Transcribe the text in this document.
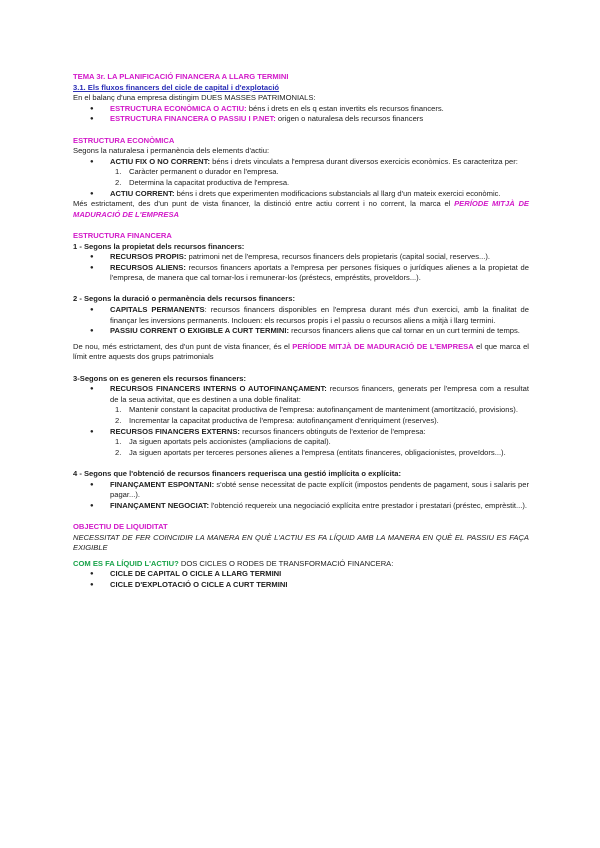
TEMA 3r. LA PLANIFICACIÓ FINANCERA A LLARG TERMINI

3.1. Els fluxos financers del cicle de capital i d'explotació

En el balanç d'una empresa distingim DUES MASSES PATRIMONIALS:

● ESTRUCTURA ECONÒMICA O ACTIU: béns i drets en els q estan invertits els recursos financers.
● ESTRUCTURA FINANCERA O PASSIU I P.NET: origen o naturalesa dels recursos financers

ESTRUCTURA ECONÒMICA

Segons la naturalesa i permanència dels elements d'actiu:

● ACTIU FIX O NO CORRENT: béns i drets vinculats a l'empresa durant diversos exercicis econòmics. Es caracteritza per:
1. Caràcter permanent o durador en l'empresa.
2. Determina la capacitat productiva de l'empresa.
● ACTIU CORRENT: béns i drets que experimenten modificacions substancials al llarg d'un mateix exercici econòmic.

Més estrictament, des d'un punt de vista financer, la distinció entre actiu corrent i no corrent, la marca el PERÍODE MITJÀ DE MADURACIÓ DE L'EMPRESA

ESTRUCTURA FINANCERA

1 - Segons la propietat dels recursos financers:

● RECURSOS PROPIS: patrimoni net de l'empresa, recursos financers dels propietaris (capital social, reserves...).
● RECURSOS ALIENS: recursos financers aportats a l'empresa per persones físiques o jurídiques alienes a la propietat de l'empresa, de manera que cal tornar-los i remunerar-los (préstecs, empréstits, proveïdors...).

2 - Segons la duració o permanència dels recursos financers:

● CAPITALS PERMANENTS: recursos financers disponibles en l'empresa durant més d'un exercici, amb la finalitat de finançar les inversions permanents. Inclouen: els recursos propis i el passiu o recursos aliens a mitjà i llarg termini.
● PASSIU CORRENT O EXIGIBLE A CURT TERMINI: recursos financers aliens que cal tornar en un curt termini de temps.

De nou, més estrictament, des d'un punt de vista financer, és el PERÍODE MITJÀ DE MADURACIÓ DE L'EMPRESA el que marca el límit entre aquests dos grups patrimonials

3-Segons on es generen els recursos financers:

● RECURSOS FINANCERS INTERNS O AUTOFINANÇAMENT: recursos financers, generats per l'empresa com a resultat de la seua activitat, que es destinen a una doble finalitat:
1. Mantenir constant la capacitat productiva de l'empresa: autofinançament de manteniment (amortització, provisions).
2. Incrementar la capacitat productiva de l'empresa: autofinançament d'enriquiment (reserves).
● RECURSOS FINANCERS EXTERNS: recursos financers obtinguts de l'exterior de l'empresa:
1. Ja siguen aportats pels accionistes (ampliacions de capital).
2. Ja siguen aportats per terceres persones alienes a l'empresa (entitats financeres, obligacionistes, proveïdors...).

4 - Segons que l'obtenció de recursos financers requerisca una gestió implícita o explícita:

● FINANÇAMENT ESPONTANI: s'obté sense necessitat de pacte explícit (impostos pendents de pagament, sous i salaris per pagar...).
● FINANÇAMENT NEGOCIAT: l'obtenció requereix una negociació explícita entre prestador i prestatari (préstec, emprèstit...).

OBJECTIU DE LIQUIDITAT

NECESSITAT DE FER COINCIDIR LA MANERA EN QUÈ L'ACTIU ES FA LÍQUID AMB LA MANERA EN QUÈ EL PASSIU ES FAÇA EXIGIBLE

COM ES FA LÍQUID L'ACTIU? DOS CICLES O RODES DE TRANSFORMACIÓ FINANCERA:

● CICLE DE CAPITAL O CICLE A LLARG TERMINI
● CICLE D'EXPLOTACIÓ O CICLE A CURT TERMINI
